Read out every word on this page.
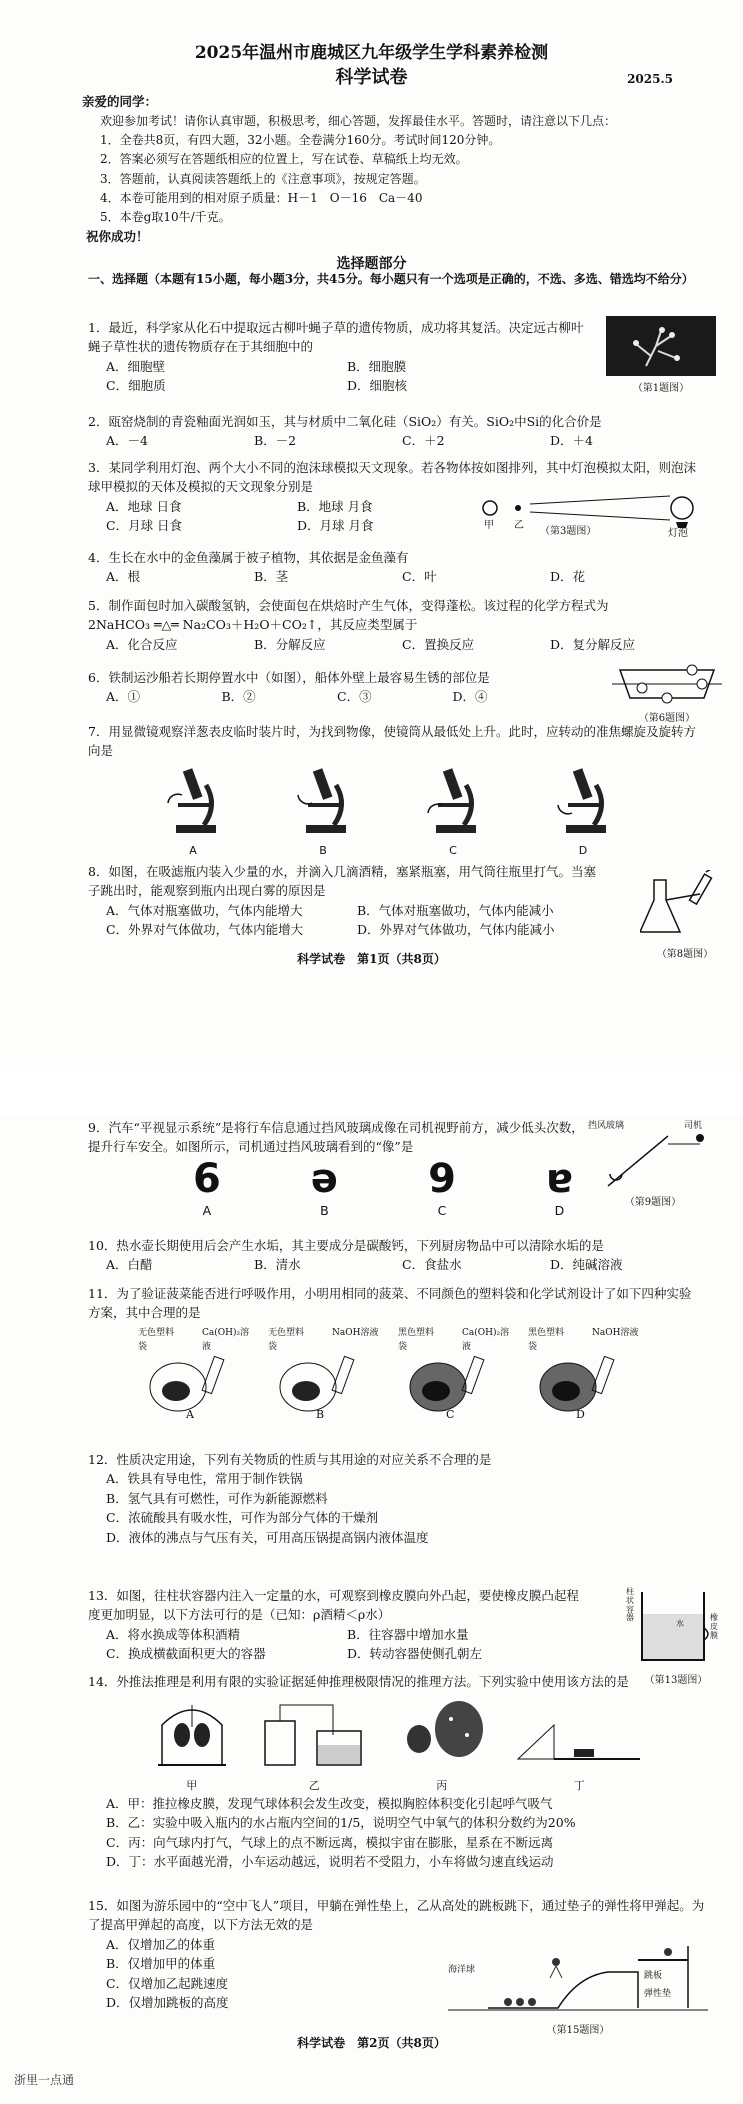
2025年温州市鹿城区九年级学生学科素养检测
科学试卷	2025.5
亲爱的同学：
欢迎参加考试！请你认真审题，积极思考，细心答题，发挥最佳水平。答题时，请注意以下几点：
1．全卷共8页，有四大题，32小题。全卷满分160分。考试时间120分钟。
2．答案必须写在答题纸相应的位置上，写在试卷、草稿纸上均无效。
3．答题前，认真阅读答题纸上的《注意事项》，按规定答题。
4．本卷可能用到的相对原子质量：H－1　O－16　Ca－40
5．本卷g取10牛/千克。
祝你成功！
选择题部分
一、选择题（本题有15小题，每小题3分，共45分。每小题只有一个选项是正确的，不选、多选、错选均不给分）
1．最近，科学家从化石中提取远古柳叶蝇子草的遗传物质，成功将其复活。决定远古柳叶蝇子草性状的遗传物质存在于其细胞中的
A．细胞壁	B．细胞膜
C．细胞质	D．细胞核	（第1题图）
2．瓯窑烧制的青瓷釉面光润如玉，其与材质中二氧化硅（SiO₂）有关。SiO₂中Si的化合价是
A．－4	B．－2	C．＋2	D．＋4
3．某同学利用灯泡、两个大小不同的泡沫球模拟天文现象。若各物体按如图排列，其中灯泡模拟太阳，则泡沫球甲模拟的天体及模拟的天文现象分别是
A．地球 日食	B．地球 月食
C．月球 日食	D．月球 月食	甲 乙
灯泡
（第3题图）
4．生长在水中的金鱼藻属于被子植物，其依据是金鱼藻有
A．根	B．茎	C．叶	D．花
5．制作面包时加入碳酸氢钠，会使面包在烘焙时产生气体，变得蓬松。该过程的化学方程式为
2NaHCO₃ ═△═ Na₂CO₃＋H₂O＋CO₂↑，其反应类型属于
A．化合反应	B．分解反应	C．置换反应	D．复分解反应
6．铁制运沙船若长期停置水中（如图），船体外壁上最容易生锈的部位是
A．①	B．②	C．③	D．④
（第6题图）
7．用显微镜观察洋葱表皮临时装片时，为找到物像，使镜筒从最低处上升。此时，应转动的准焦螺旋及旋转方向是
A	B	C	D
8．如图，在吸滤瓶内装入少量的水，并滴入几滴酒精，塞紧瓶塞，用气筒往瓶里打气。当塞子跳出时，能观察到瓶内出现白雾的原因是
A．气体对瓶塞做功，气体内能增大	B．气体对瓶塞做功，气体内能减小
C．外界对气体做功，气体内能增大	D．外界对气体做功，气体内能减小
（第8题图）
科学试卷　第1页（共8页）
9．汽车“平视显示系统”是将行车信息通过挡风玻璃成像在司机视野前方，减少低头次数，提升行车安全。如图所示，司机通过挡风玻璃看到的“像”是
6
A
ə
B
9
C
ɐ
D
挡风玻璃	司机
（第9题图）
10．热水壶长期使用后会产生水垢，其主要成分是碳酸钙，下列厨房物品中可以清除水垢的是
A．白醋	B．清水	C．食盐水	D．纯碱溶液
11．为了验证菠菜能否进行呼吸作用，小明用相同的菠菜、不同颜色的塑料袋和化学试剂设计了如下四种实验方案，其中合理的是
无色塑料袋
Ca(OH)₂溶液
A
无色塑料袋
NaOH溶液
B
黑色塑料袋
Ca(OH)₂溶液
C
黑色塑料袋
NaOH溶液
D
12．性质决定用途，下列有关物质的性质与其用途的对应关系不合理的是
A．铁具有导电性，常用于制作铁锅
B．氢气具有可燃性，可作为新能源燃料
C．浓硫酸具有吸水性，可作为部分气体的干燥剂
D．液体的沸点与气压有关，可用高压锅提高锅内液体温度
13．如图，往柱状容器内注入一定量的水，可观察到橡皮膜向外凸起，要使橡皮膜凸起程度更加明显，以下方法可行的是（已知：ρ酒精＜ρ水）
A．将水换成等体积酒精	B．往容器中增加水量
C．换成横截面积更大的容器	D．转动容器使侧孔朝左
柱状容器
水
橡皮膜
（第13题图）
14．外推法推理是利用有限的实验证据延伸推理极限情况的推理方法。下列实验中使用该方法的是
甲	乙	丙	丁
A．甲：推拉橡皮膜，发现气球体积会发生改变，模拟胸腔体积变化引起呼气吸气
B．乙：实验中吸入瓶内的水占瓶内空间的1/5，说明空气中氧气的体积分数约为20%
C．丙：向气球内打气，气球上的点不断远离，模拟宇宙在膨胀，星系在不断远离
D．丁：水平面越光滑，小车运动越远，说明若不受阻力，小车将做匀速直线运动
15．如图为游乐园中的“空中飞人”项目，甲躺在弹性垫上，乙从高处的跳板跳下，通过垫子的弹性将甲弹起。为了提高甲弹起的高度，以下方法无效的是
A．仅增加乙的体重
B．仅增加甲的体重
C．仅增加乙起跳速度
D．仅增加跳板的高度
海洋球
跳板
弹性垫
（第15题图）
科学试卷　第2页（共8页）
浙里一点通
